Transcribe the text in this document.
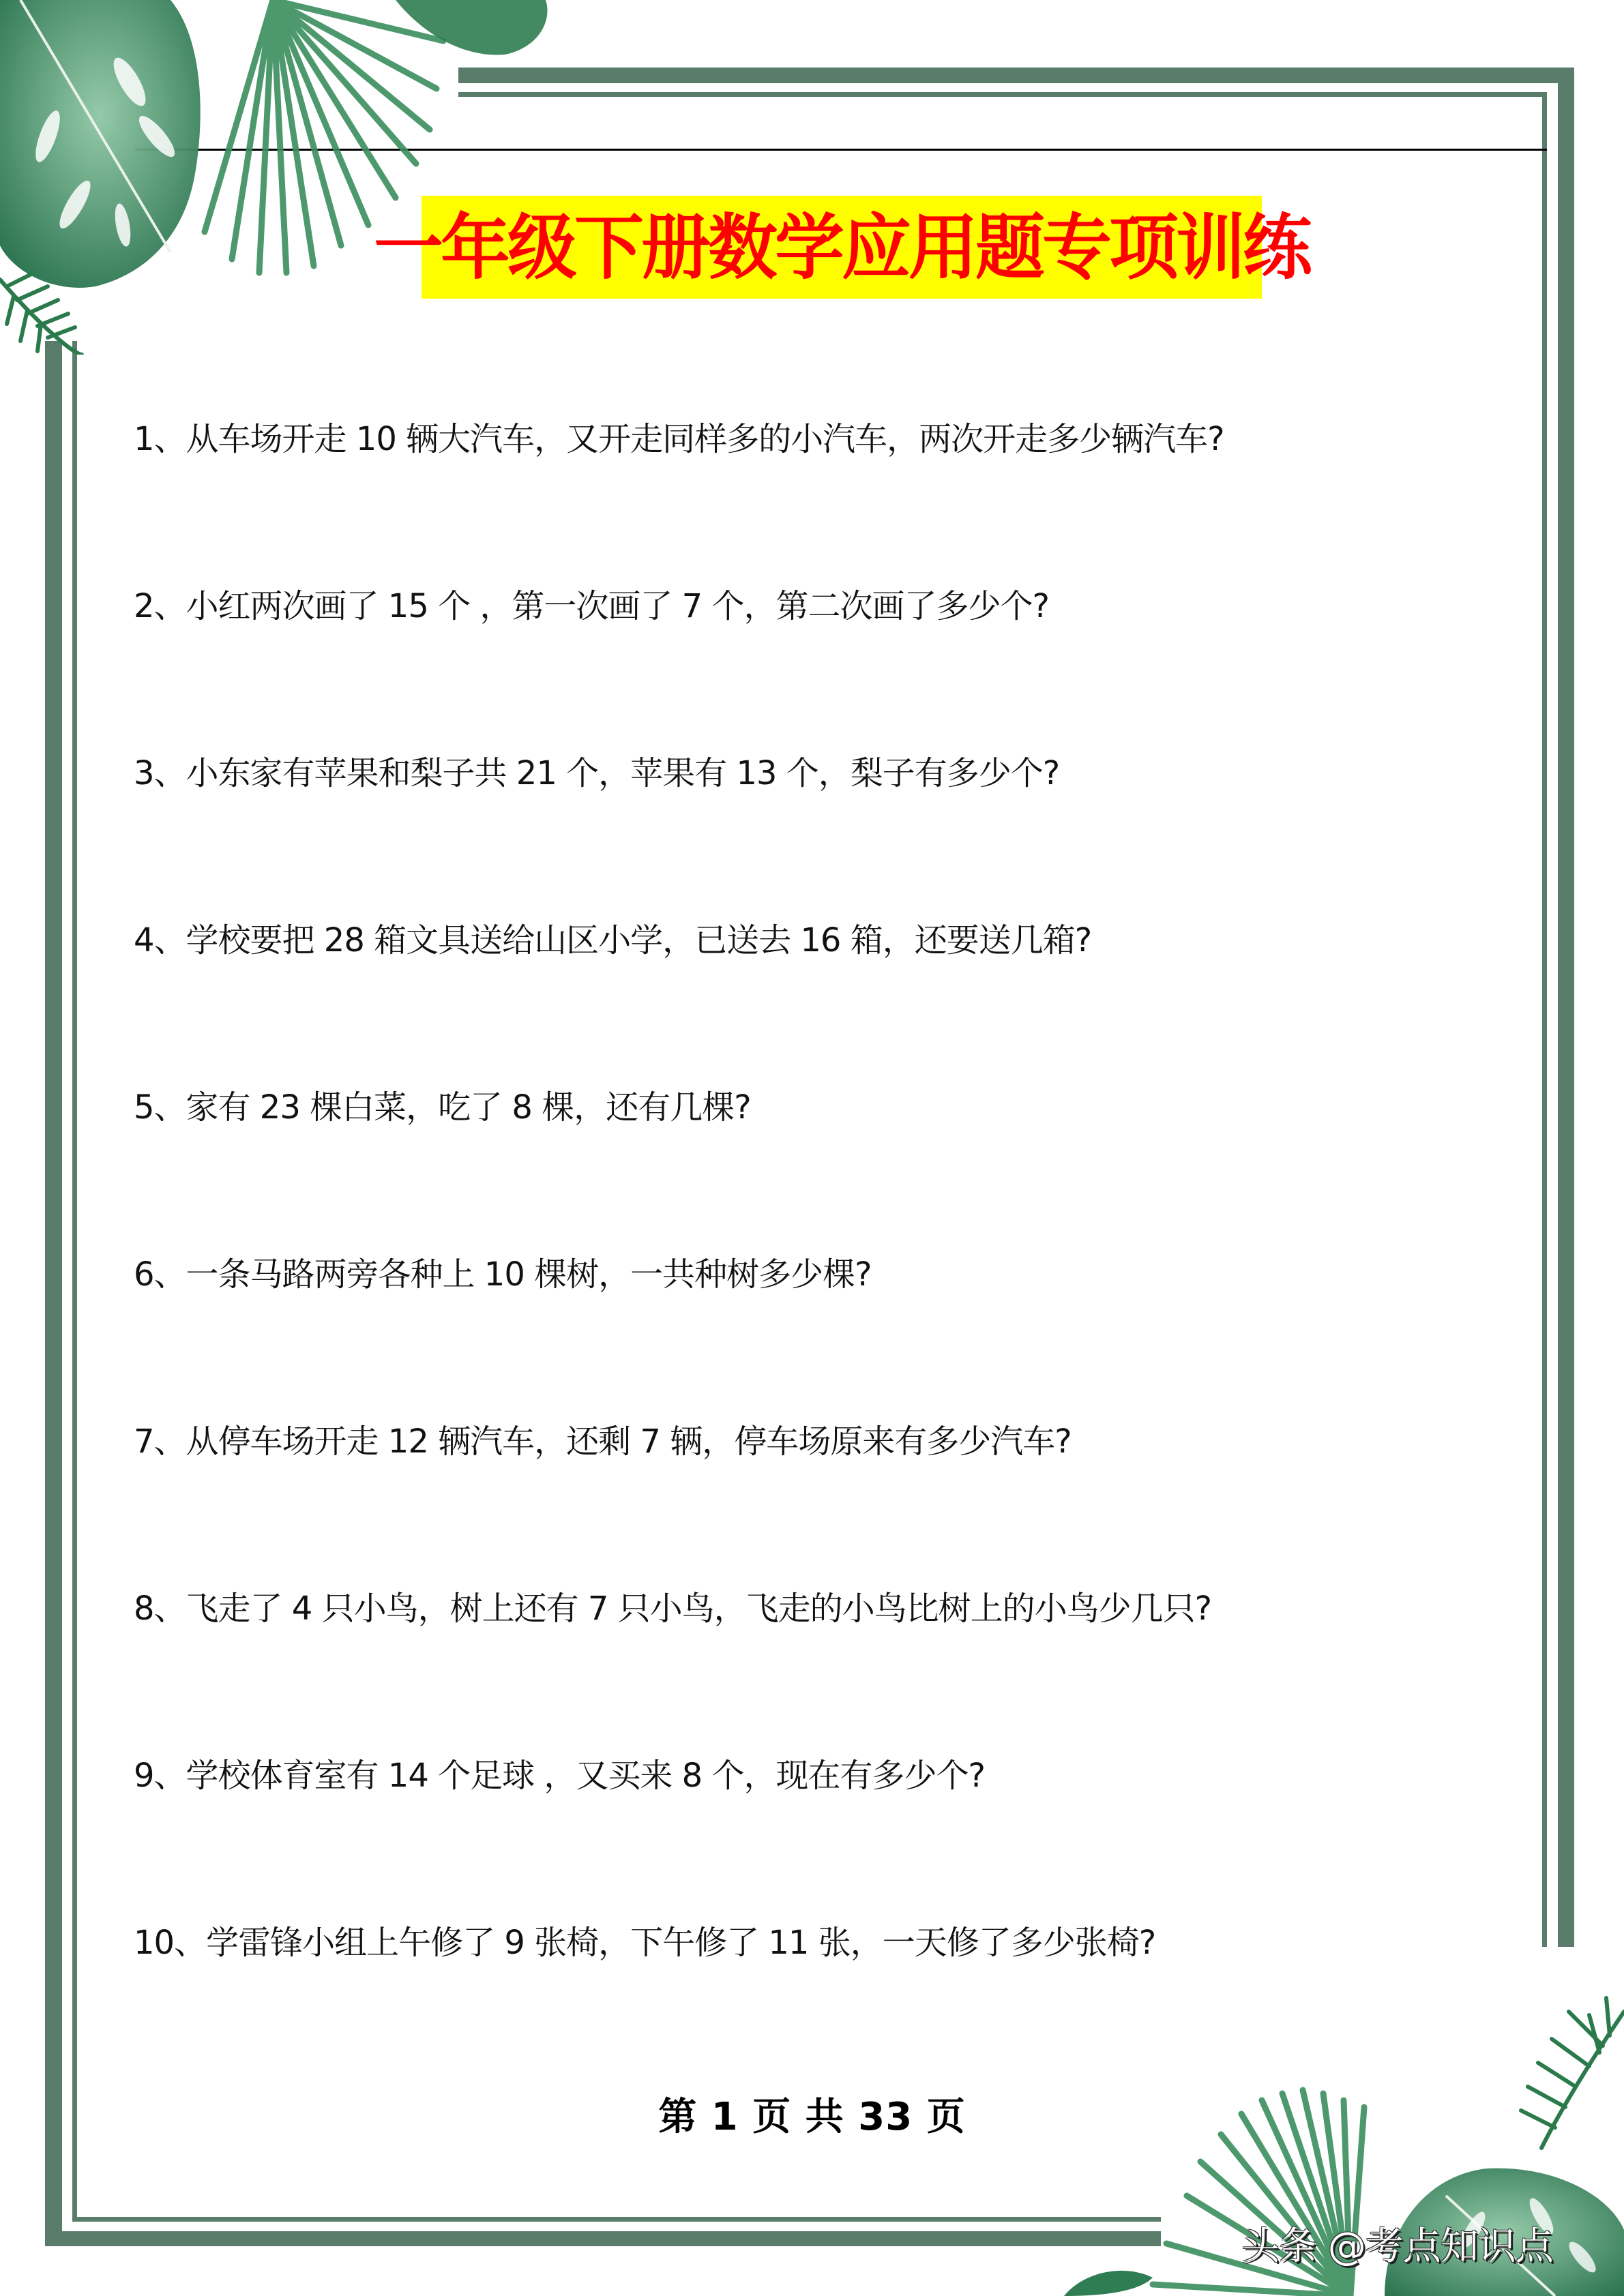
一年级下册数学应用题专项训练
1、从车场开走 10 辆大汽车，又开走同样多的小汽车，两次开走多少辆汽车?
2、小红两次画了 15 个 ，第一次画了 7 个，第二次画了多少个?
3、小东家有苹果和梨子共 21 个，苹果有 13 个，梨子有多少个?
4、学校要把 28 箱文具送给山区小学，已送去 16 箱，还要送几箱?
5、家有 23 棵白菜，吃了 8 棵，还有几棵?
6、一条马路两旁各种上 10 棵树，一共种树多少棵?
7、从停车场开走 12 辆汽车，还剩 7 辆，停车场原来有多少汽车?
8、飞走了 4 只小鸟，树上还有 7 只小鸟，飞走的小鸟比树上的小鸟少几只?
9、学校体育室有 14 个足球 ，又买来 8 个，现在有多少个?
10、学雷锋小组上午修了 9 张椅，下午修了 11 张，一天修了多少张椅?
第 1 页 共 33 页
头条 @考点知识点
